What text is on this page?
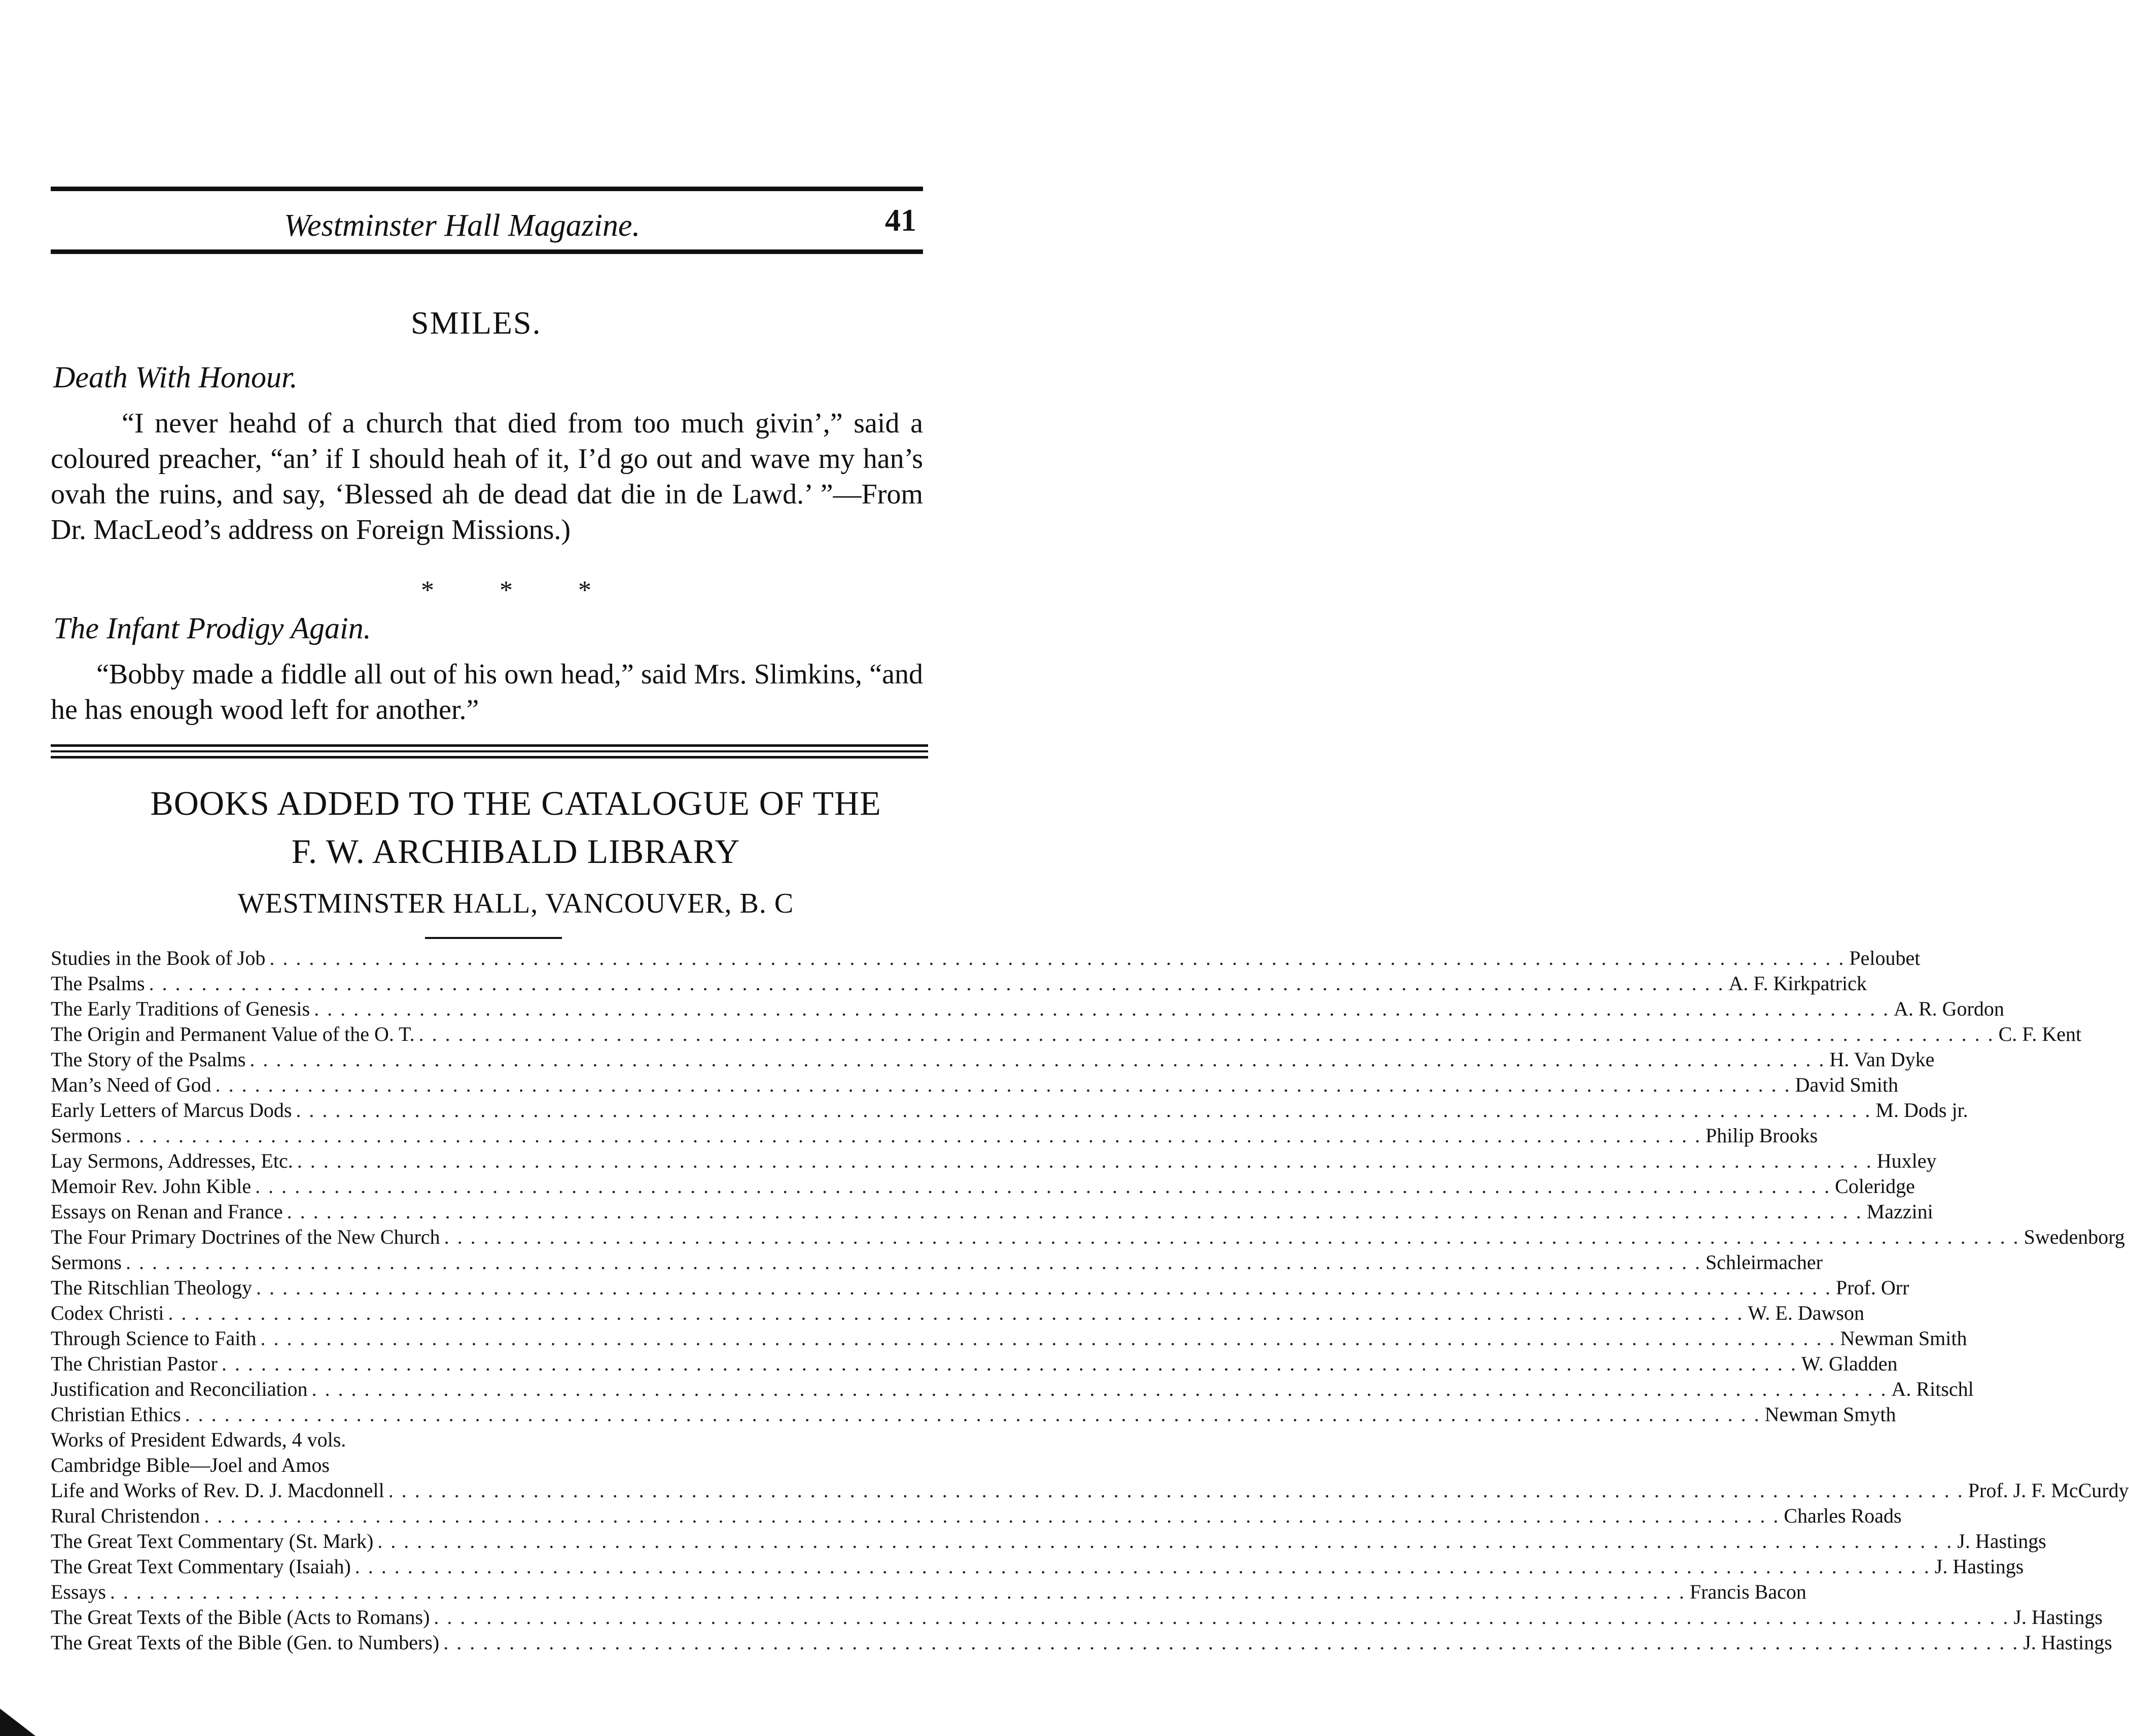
Westminster Hall Magazine.	41
SMILES.
Death With Honour.
“I never heahd of a church that died from too much givin’,” said a coloured preacher, “an’ if I should heah of it, I’d go out and wave my han’s ovah the ruins, and say, ‘Blessed ah de dead dat die in de Lawd.’ ”—From Dr. MacLeod’s address on Foreign Missions.)
* * *
The Infant Prodigy Again.
“Bobby made a fiddle all out of his own head,” said Mrs. Slimkins, “and he has enough wood left for another.”
BOOKS ADDED TO THE CATALOGUE OF THE
F. W. ARCHIBALD LIBRARY
WESTMINSTER HALL, VANCOUVER, B. C
Studies in the Book of Job . . . . . . . . . . . . . . . . . . . . . . . . . . . . . . . . . . . . . . . . . . . . . . . . . . . . . . . . . . . . . . . . . . . . . . . . . . . . . . . . . . . . . . . . . . . . . . . . . . . . . . . . . . . . . . . . . . . . . . . . Peloubet
The Psalms . . . . . . . . . . . . . . . . . . . . . . . . . . . . . . . . . . . . . . . . . . . . . . . . . . . . . . . . . . . . . . . . . . . . . . . . . . . . . . . . . . . . . . . . . . . . . . . . . . . . . . . . . . . . . . . . . . . . . . . . A. F. Kirkpatrick
The Early Traditions of Genesis . . . . . . . . . . . . . . . . . . . . . . . . . . . . . . . . . . . . . . . . . . . . . . . . . . . . . . . . . . . . . . . . . . . . . . . . . . . . . . . . . . . . . . . . . . . . . . . . . . . . . . . . . . . . . . . . . . . . . . . . A. R. Gordon
The Origin and Permanent Value of the O. T. . . . . . . . . . . . . . . . . . . . . . . . . . . . . . . . . . . . . . . . . . . . . . . . . . . . . . . . . . . . . . . . . . . . . . . . . . . . . . . . . . . . . . . . . . . . . . . . . . . . . . . . . . . . . . . . . . . . . . . . . C. F. Kent
The Story of the Psalms . . . . . . . . . . . . . . . . . . . . . . . . . . . . . . . . . . . . . . . . . . . . . . . . . . . . . . . . . . . . . . . . . . . . . . . . . . . . . . . . . . . . . . . . . . . . . . . . . . . . . . . . . . . . . . . . . . . . . . . . H. Van Dyke
Man’s Need of God . . . . . . . . . . . . . . . . . . . . . . . . . . . . . . . . . . . . . . . . . . . . . . . . . . . . . . . . . . . . . . . . . . . . . . . . . . . . . . . . . . . . . . . . . . . . . . . . . . . . . . . . . . . . . . . . . . . . . . . . David Smith
Early Letters of Marcus Dods . . . . . . . . . . . . . . . . . . . . . . . . . . . . . . . . . . . . . . . . . . . . . . . . . . . . . . . . . . . . . . . . . . . . . . . . . . . . . . . . . . . . . . . . . . . . . . . . . . . . . . . . . . . . . . . . . . . . . . . . M. Dods jr.
Sermons . . . . . . . . . . . . . . . . . . . . . . . . . . . . . . . . . . . . . . . . . . . . . . . . . . . . . . . . . . . . . . . . . . . . . . . . . . . . . . . . . . . . . . . . . . . . . . . . . . . . . . . . . . . . . . . . . . . . . . . . Philip Brooks
Lay Sermons, Addresses, Etc. . . . . . . . . . . . . . . . . . . . . . . . . . . . . . . . . . . . . . . . . . . . . . . . . . . . . . . . . . . . . . . . . . . . . . . . . . . . . . . . . . . . . . . . . . . . . . . . . . . . . . . . . . . . . . . . . . . . . . . . . Huxley
Memoir Rev. John Kible . . . . . . . . . . . . . . . . . . . . . . . . . . . . . . . . . . . . . . . . . . . . . . . . . . . . . . . . . . . . . . . . . . . . . . . . . . . . . . . . . . . . . . . . . . . . . . . . . . . . . . . . . . . . . . . . . . . . . . . . Coleridge
Essays on Renan and France . . . . . . . . . . . . . . . . . . . . . . . . . . . . . . . . . . . . . . . . . . . . . . . . . . . . . . . . . . . . . . . . . . . . . . . . . . . . . . . . . . . . . . . . . . . . . . . . . . . . . . . . . . . . . . . . . . . . . . . . Mazzini
The Four Primary Doctrines of the New Church . . . . . . . . . . . . . . . . . . . . . . . . . . . . . . . . . . . . . . . . . . . . . . . . . . . . . . . . . . . . . . . . . . . . . . . . . . . . . . . . . . . . . . . . . . . . . . . . . . . . . . . . . . . . . . . . . . . . . . . . Swedenborg
Sermons . . . . . . . . . . . . . . . . . . . . . . . . . . . . . . . . . . . . . . . . . . . . . . . . . . . . . . . . . . . . . . . . . . . . . . . . . . . . . . . . . . . . . . . . . . . . . . . . . . . . . . . . . . . . . . . . . . . . . . . . Schleirmacher
The Ritschlian Theology . . . . . . . . . . . . . . . . . . . . . . . . . . . . . . . . . . . . . . . . . . . . . . . . . . . . . . . . . . . . . . . . . . . . . . . . . . . . . . . . . . . . . . . . . . . . . . . . . . . . . . . . . . . . . . . . . . . . . . . . Prof. Orr
Codex Christi . . . . . . . . . . . . . . . . . . . . . . . . . . . . . . . . . . . . . . . . . . . . . . . . . . . . . . . . . . . . . . . . . . . . . . . . . . . . . . . . . . . . . . . . . . . . . . . . . . . . . . . . . . . . . . . . . . . . . . . . W. E. Dawson
Through Science to Faith . . . . . . . . . . . . . . . . . . . . . . . . . . . . . . . . . . . . . . . . . . . . . . . . . . . . . . . . . . . . . . . . . . . . . . . . . . . . . . . . . . . . . . . . . . . . . . . . . . . . . . . . . . . . . . . . . . . . . . . . Newman Smith
The Christian Pastor . . . . . . . . . . . . . . . . . . . . . . . . . . . . . . . . . . . . . . . . . . . . . . . . . . . . . . . . . . . . . . . . . . . . . . . . . . . . . . . . . . . . . . . . . . . . . . . . . . . . . . . . . . . . . . . . . . . . . . . . W. Gladden
Justification and Reconciliation . . . . . . . . . . . . . . . . . . . . . . . . . . . . . . . . . . . . . . . . . . . . . . . . . . . . . . . . . . . . . . . . . . . . . . . . . . . . . . . . . . . . . . . . . . . . . . . . . . . . . . . . . . . . . . . . . . . . . . . . A. Ritschl
Christian Ethics . . . . . . . . . . . . . . . . . . . . . . . . . . . . . . . . . . . . . . . . . . . . . . . . . . . . . . . . . . . . . . . . . . . . . . . . . . . . . . . . . . . . . . . . . . . . . . . . . . . . . . . . . . . . . . . . . . . . . . . . Newman Smyth
Works of President Edwards, 4 vols.
Cambridge Bible—Joel and Amos
Life and Works of Rev. D. J. Macdonnell . . . . . . . . . . . . . . . . . . . . . . . . . . . . . . . . . . . . . . . . . . . . . . . . . . . . . . . . . . . . . . . . . . . . . . . . . . . . . . . . . . . . . . . . . . . . . . . . . . . . . . . . . . . . . . . . . . . . . . . . Prof. J. F. McCurdy
Rural Christendon . . . . . . . . . . . . . . . . . . . . . . . . . . . . . . . . . . . . . . . . . . . . . . . . . . . . . . . . . . . . . . . . . . . . . . . . . . . . . . . . . . . . . . . . . . . . . . . . . . . . . . . . . . . . . . . . . . . . . . . . Charles Roads
The Great Text Commentary (St. Mark) . . . . . . . . . . . . . . . . . . . . . . . . . . . . . . . . . . . . . . . . . . . . . . . . . . . . . . . . . . . . . . . . . . . . . . . . . . . . . . . . . . . . . . . . . . . . . . . . . . . . . . . . . . . . . . . . . . . . . . . . J. Hastings
The Great Text Commentary (Isaiah) . . . . . . . . . . . . . . . . . . . . . . . . . . . . . . . . . . . . . . . . . . . . . . . . . . . . . . . . . . . . . . . . . . . . . . . . . . . . . . . . . . . . . . . . . . . . . . . . . . . . . . . . . . . . . . . . . . . . . . . . J. Hastings
Essays . . . . . . . . . . . . . . . . . . . . . . . . . . . . . . . . . . . . . . . . . . . . . . . . . . . . . . . . . . . . . . . . . . . . . . . . . . . . . . . . . . . . . . . . . . . . . . . . . . . . . . . . . . . . . . . . . . . . . . . . Francis Bacon
The Great Texts of the Bible (Acts to Romans) . . . . . . . . . . . . . . . . . . . . . . . . . . . . . . . . . . . . . . . . . . . . . . . . . . . . . . . . . . . . . . . . . . . . . . . . . . . . . . . . . . . . . . . . . . . . . . . . . . . . . . . . . . . . . . . . . . . . . . . . J. Hastings
The Great Texts of the Bible (Gen. to Numbers) . . . . . . . . . . . . . . . . . . . . . . . . . . . . . . . . . . . . . . . . . . . . . . . . . . . . . . . . . . . . . . . . . . . . . . . . . . . . . . . . . . . . . . . . . . . . . . . . . . . . . . . . . . . . . . . . . . . . . . . . J. Hastings
